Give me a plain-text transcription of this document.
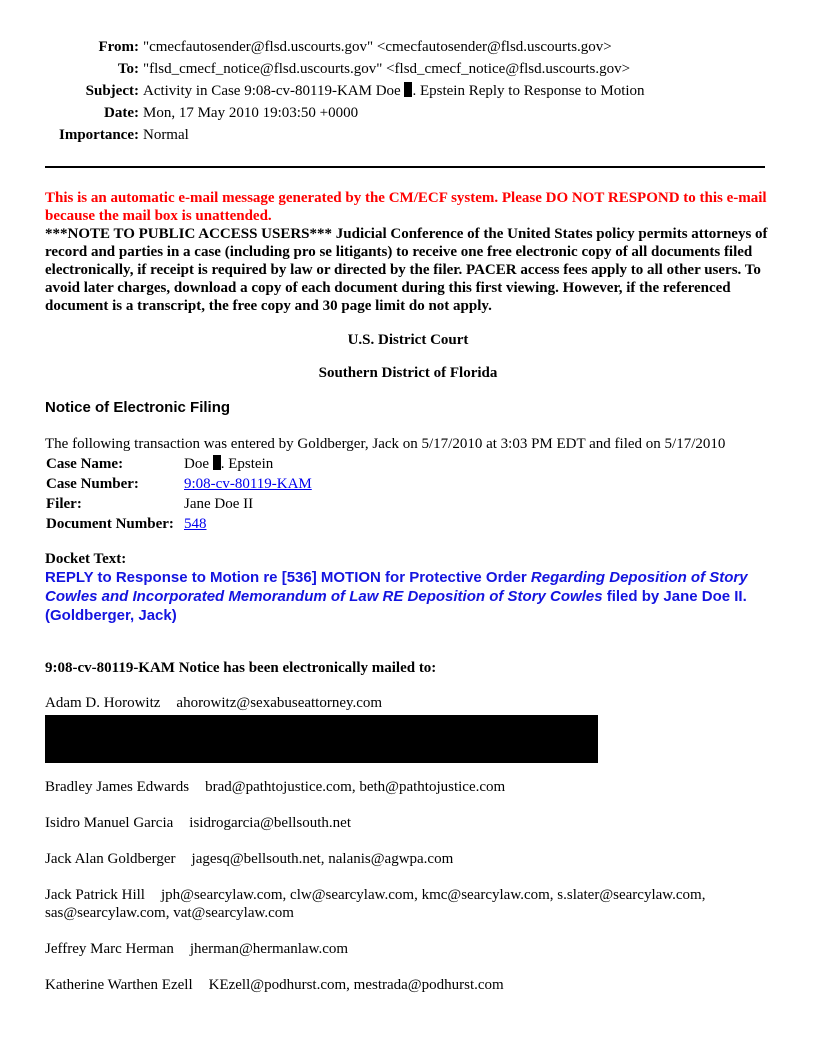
From:	"cmecfautosender@flsd.uscourts.gov" <cmecfautosender@flsd.uscourts.gov>
To:	"flsd_cmecf_notice@flsd.uscourts.gov" <flsd_cmecf_notice@flsd.uscourts.gov>
Subject:	Activity in Case 9:08-cv-80119-KAM Doe . Epstein Reply to Response to Motion
Date:	Mon, 17 May 2010 19:03:50 +0000
Importance:	Normal
This is an automatic e-mail message generated by the CM/ECF system. Please DO NOT RESPOND to this e-mail because the mail box is unattended.
***NOTE TO PUBLIC ACCESS USERS*** Judicial Conference of the United States policy permits attorneys of record and parties in a case (including pro se litigants) to receive one free electronic copy of all documents filed electronically, if receipt is required by law or directed by the filer. PACER access fees apply to all other users. To avoid later charges, download a copy of each document during this first viewing. However, if the referenced document is a transcript, the free copy and 30 page limit do not apply.
U.S. District Court
Southern District of Florida
Notice of Electronic Filing
The following transaction was entered by Goldberger, Jack on 5/17/2010 at 3:03 PM EDT and filed on 5/17/2010
Case Name:	Doe . Epstein
Case Number:	9:08-cv-80119-KAM
Filer:	Jane Doe II
Document Number:	548
Docket Text:
REPLY to Response to Motion re [536] MOTION for Protective Order Regarding Deposition of Story Cowles and Incorporated Memorandum of Law RE Deposition of Story Cowles filed by Jane Doe II. (Goldberger, Jack)
9:08-cv-80119-KAM Notice has been electronically mailed to:
Adam D. Horowitz ahorowitz@sexabuseattorney.com
Bradley James Edwards brad@pathtojustice.com, beth@pathtojustice.com
Isidro Manuel Garcia isidrogarcia@bellsouth.net
Jack Alan Goldberger jagesq@bellsouth.net, nalanis@agwpa.com
Jack Patrick Hill jph@searcylaw.com, clw@searcylaw.com, kmc@searcylaw.com, s.slater@searcylaw.com, sas@searcylaw.com, vat@searcylaw.com
Jeffrey Marc Herman jherman@hermanlaw.com
Katherine Warthen Ezell KEzell@podhurst.com, mestrada@podhurst.com
